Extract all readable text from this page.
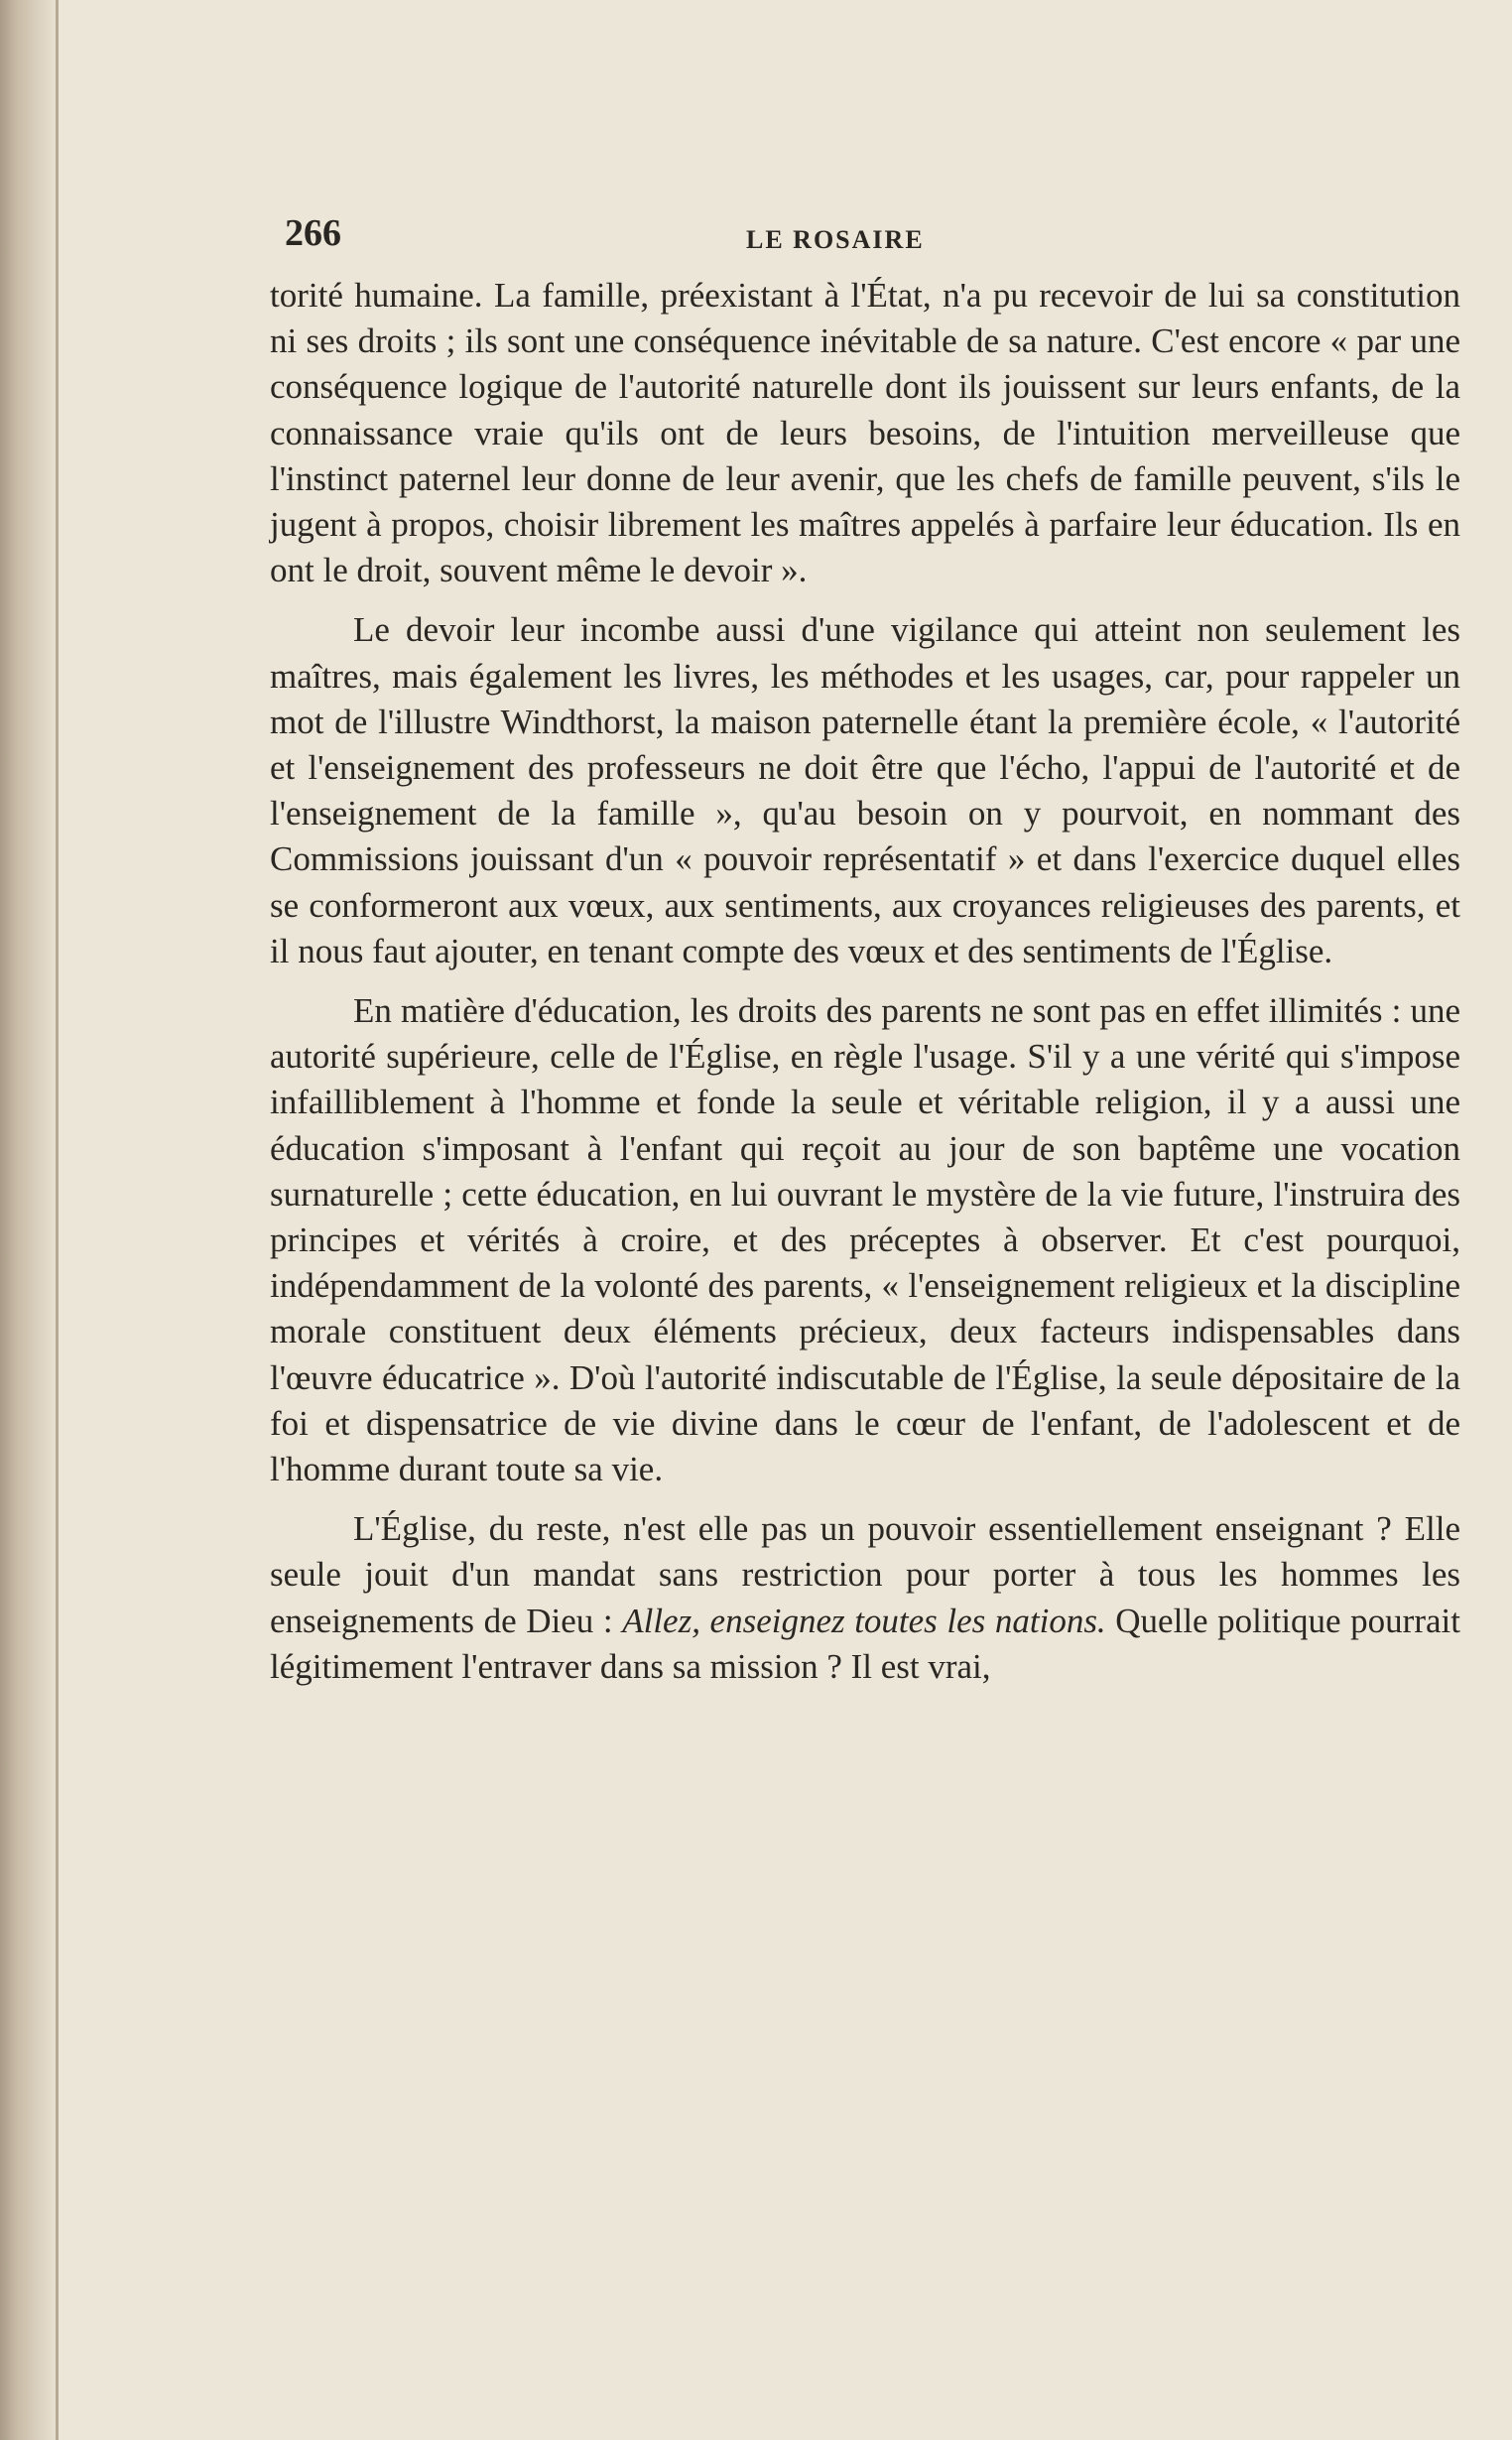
266	LE ROSAIRE

torité humaine. La famille, préexistant à l'État, n'a pu recevoir de lui sa constitution ni ses droits ; ils sont une conséquence inévitable de sa nature. C'est encore « par une conséquence logique de l'autorité naturelle dont ils jouissent sur leurs enfants, de la connaissance vraie qu'ils ont de leurs besoins, de l'intuition merveilleuse que l'instinct paternel leur donne de leur avenir, que les chefs de famille peuvent, s'ils le jugent à propos, choisir librement les maîtres appelés à parfaire leur éducation. Ils en ont le droit, souvent même le devoir ».

Le devoir leur incombe aussi d'une vigilance qui atteint non seulement les maîtres, mais également les livres, les méthodes et les usages, car, pour rappeler un mot de l'illustre Windthorst, la maison paternelle étant la première école, « l'autorité et l'enseignement des professeurs ne doit être que l'écho, l'appui de l'autorité et de l'enseignement de la famille », qu'au besoin on y pourvoit, en nommant des Commissions jouissant d'un « pouvoir représentatif » et dans l'exercice duquel elles se conformeront aux vœux, aux sentiments, aux croyances religieuses des parents, et il nous faut ajouter, en tenant compte des vœux et des sentiments de l'Église.

En matière d'éducation, les droits des parents ne sont pas en effet illimités : une autorité supérieure, celle de l'Église, en règle l'usage. S'il y a une vérité qui s'impose infailliblement à l'homme et fonde la seule et véritable religion, il y a aussi une éducation s'imposant à l'enfant qui reçoit au jour de son baptême une vocation surnaturelle ; cette éducation, en lui ouvrant le mystère de la vie future, l'instruira des principes et vérités à croire, et des préceptes à observer. Et c'est pourquoi, indépendamment de la volonté des parents, « l'enseignement religieux et la discipline morale constituent deux éléments précieux, deux facteurs indispensables dans l'œuvre éducatrice ». D'où l'autorité indiscutable de l'Église, la seule dépositaire de la foi et dispensatrice de vie divine dans le cœur de l'enfant, de l'adolescent et de l'homme durant toute sa vie.

L'Église, du reste, n'est elle pas un pouvoir essentiellement enseignant ? Elle seule jouit d'un mandat sans restriction pour porter à tous les hommes les enseignements de Dieu : Allez, enseignez toutes les nations. Quelle politique pourrait légitimement l'entraver dans sa mission ? Il est vrai,
